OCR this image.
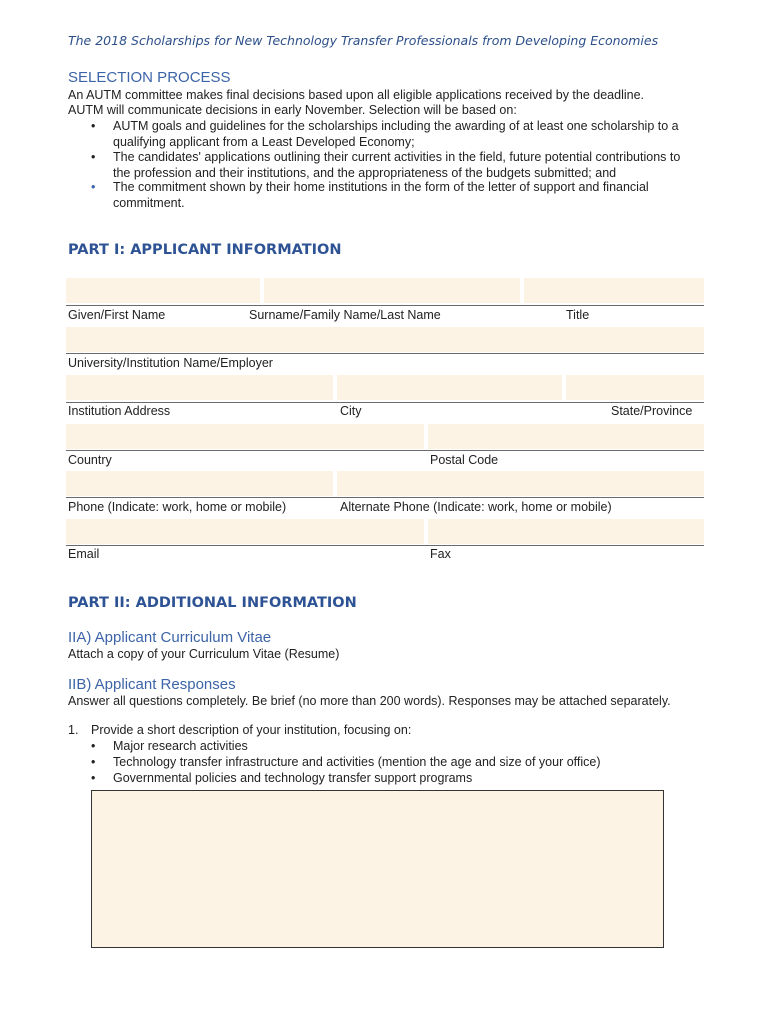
The 2018 Scholarships for New Technology Transfer Professionals from Developing Economies
SELECTION PROCESS
An AUTM committee makes final decisions based upon all eligible applications received by the deadline.
AUTM will communicate decisions in early November. Selection will be based on:
• AUTM goals and guidelines for the scholarships including the awarding of at least one scholarship to a
qualifying applicant from a Least Developed Economy;
• The candidates' applications outlining their current activities in the field, future potential contributions to
the profession and their institutions, and the appropriateness of the budgets submitted; and
• The commitment shown by their home institutions in the form of the letter of support and financial
commitment.
PART I: APPLICANT INFORMATION
Given/First Name	Surname/Family Name/Last Name	Title
University/Institution Name/Employer
Institution Address	City	State/Province
Country	Postal Code
Phone (Indicate: work, home or mobile)	Alternate Phone (Indicate: work, home or mobile)
Email	Fax
PART II: ADDITIONAL INFORMATION
IIA) Applicant Curriculum Vitae
Attach a copy of your Curriculum Vitae (Resume)
IIB) Applicant Responses
Answer all questions completely. Be brief (no more than 200 words). Responses may be attached separately.
1. Provide a short description of your institution, focusing on:
• Major research activities
• Technology transfer infrastructure and activities (mention the age and size of your office)
• Governmental policies and technology transfer support programs
